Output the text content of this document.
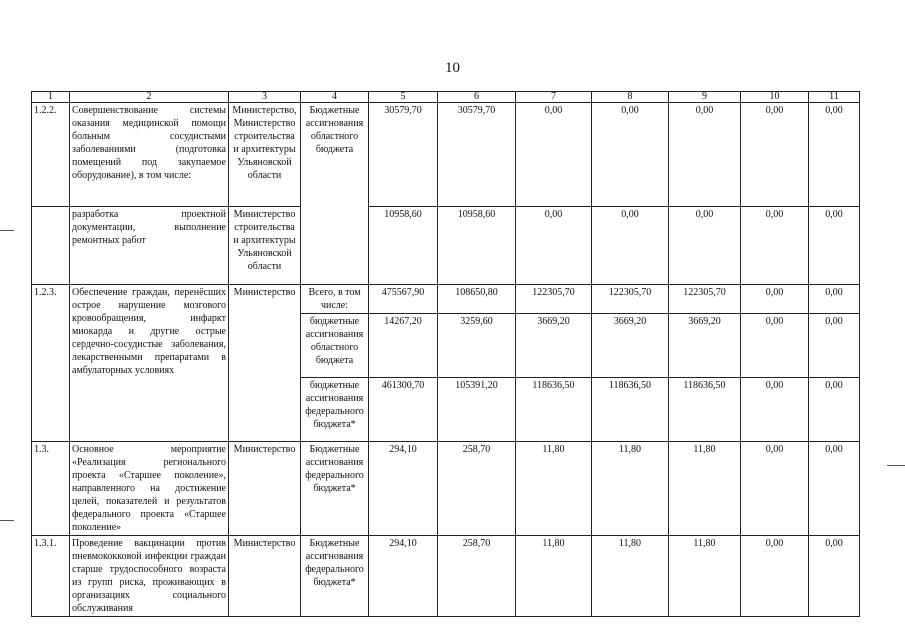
10
1	2	3	4	5	6	7	8	9	10	11
1.2.2.	Совершенствование системы оказания медицинской помощи больным сосудистыми заболеваниями (подготовка помещений под закупаемое оборудование), в том числе:	Министерство, Министерство строительства и архитектуры Ульяновской области	Бюджетные ассигнования областного бюджета	30579,70	30579,70	0,00	0,00	0,00	0,00	0,00
	разработка проектной документации, выполнение ремонтных работ	Министерство строительства и архитектуры Ульяновской области		10958,60	10958,60	0,00	0,00	0,00	0,00	0,00
1.2.3.	Обеспечение граждан, перенёсших острое нарушение мозгового кровообращения, инфаркт миокарда и другие острые сердечно-сосудистые заболевания, лекарственными препаратами в амбулаторных условиях	Министерство	Всего, в том числе:	475567,90	108650,80	122305,70	122305,70	122305,70	0,00	0,00
			бюджетные ассигнования областного бюджета	14267,20	3259,60	3669,20	3669,20	3669,20	0,00	0,00
			бюджетные ассигнования федерального бюджета*	461300,70	105391,20	118636,50	118636,50	118636,50	0,00	0,00
1.3.	Основное мероприятие «Реализация регионального проекта «Старшее поколение», направленного на достижение целей, показателей и результатов федерального проекта «Старшее поколение»	Министерство	Бюджетные ассигнования федерального бюджета*	294,10	258,70	11,80	11,80	11,80	0,00	0,00
1.3.1.	Проведение вакцинации против пневмококковой инфекции граждан старше трудоспособного возраста из групп риска, проживающих в организациях социального обслуживания	Министерство	Бюджетные ассигнования федерального бюджета*	294,10	258,70	11,80	11,80	11,80	0,00	0,00
